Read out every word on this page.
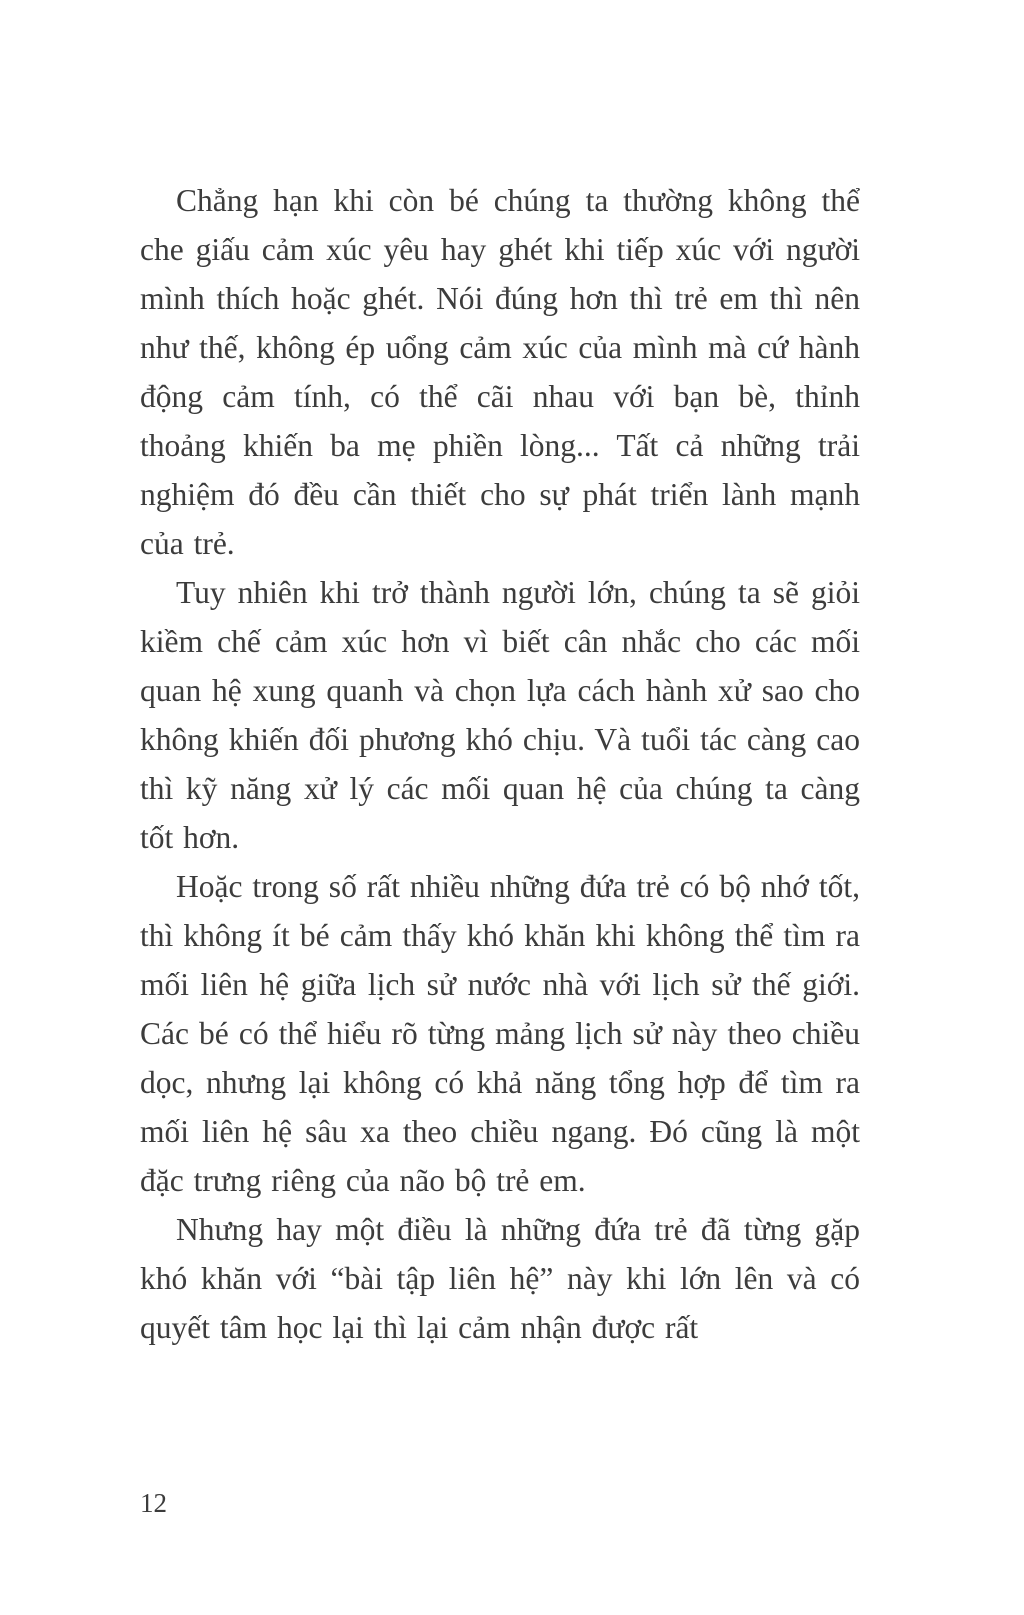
Chẳng hạn khi còn bé chúng ta thường không thể che giấu cảm xúc yêu hay ghét khi tiếp xúc với người mình thích hoặc ghét. Nói đúng hơn thì trẻ em thì nên như thế, không ép uổng cảm xúc của mình mà cứ hành động cảm tính, có thể cãi nhau với bạn bè, thỉnh thoảng khiến ba mẹ phiền lòng... Tất cả những trải nghiệm đó đều cần thiết cho sự phát triển lành mạnh của trẻ.

Tuy nhiên khi trở thành người lớn, chúng ta sẽ giỏi kiềm chế cảm xúc hơn vì biết cân nhắc cho các mối quan hệ xung quanh và chọn lựa cách hành xử sao cho không khiến đối phương khó chịu. Và tuổi tác càng cao thì kỹ năng xử lý các mối quan hệ của chúng ta càng tốt hơn.

Hoặc trong số rất nhiều những đứa trẻ có bộ nhớ tốt, thì không ít bé cảm thấy khó khăn khi không thể tìm ra mối liên hệ giữa lịch sử nước nhà với lịch sử thế giới. Các bé có thể hiểu rõ từng mảng lịch sử này theo chiều dọc, nhưng lại không có khả năng tổng hợp để tìm ra mối liên hệ sâu xa theo chiều ngang. Đó cũng là một đặc trưng riêng của não bộ trẻ em.

Nhưng hay một điều là những đứa trẻ đã từng gặp khó khăn với “bài tập liên hệ” này khi lớn lên và có quyết tâm học lại thì lại cảm nhận được rất

12
